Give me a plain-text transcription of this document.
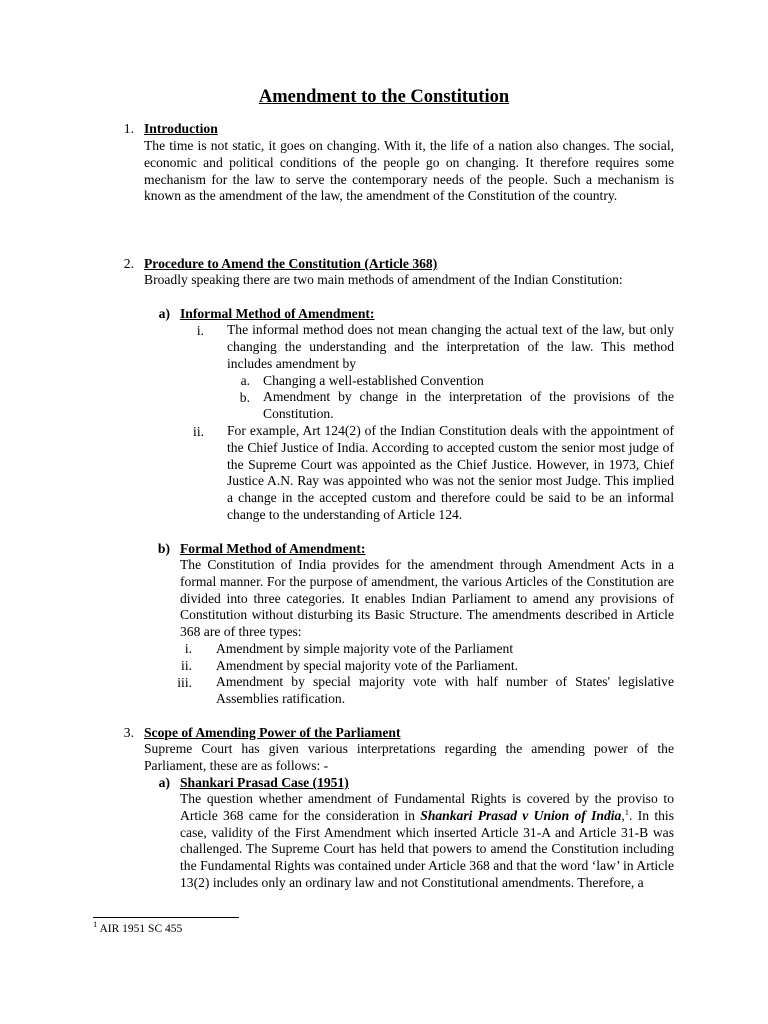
Amendment to the Constitution
1. Introduction
The time is not static, it goes on changing. With it, the life of a nation also changes. The social, economic and political conditions of the people go on changing. It therefore requires some mechanism for the law to serve the contemporary needs of the people. Such a mechanism is known as the amendment of the law, the amendment of the Constitution of the country.
2. Procedure to Amend the Constitution (Article 368)
Broadly speaking there are two main methods of amendment of the Indian Constitution:
a) Informal Method of Amendment:
i. The informal method does not mean changing the actual text of the law, but only changing the understanding and the interpretation of the law. This method includes amendment by
a. Changing a well-established Convention
b. Amendment by change in the interpretation of the provisions of the Constitution.
ii. For example, Art 124(2) of the Indian Constitution deals with the appointment of the Chief Justice of India. According to accepted custom the senior most judge of the Supreme Court was appointed as the Chief Justice. However, in 1973, Chief Justice A.N. Ray was appointed who was not the senior most Judge. This implied a change in the accepted custom and therefore could be said to be an informal change to the understanding of Article 124.
b) Formal Method of Amendment:
The Constitution of India provides for the amendment through Amendment Acts in a formal manner. For the purpose of amendment, the various Articles of the Constitution are divided into three categories. It enables Indian Parliament to amend any provisions of Constitution without disturbing its Basic Structure. The amendments described in Article 368 are of three types:
i. Amendment by simple majority vote of the Parliament
ii. Amendment by special majority vote of the Parliament.
iii. Amendment by special majority vote with half number of States' legislative Assemblies ratification.
3. Scope of Amending Power of the Parliament
Supreme Court has given various interpretations regarding the amending power of the Parliament, these are as follows: -
a) Shankari Prasad Case (1951)
The question whether amendment of Fundamental Rights is covered by the proviso to Article 368 came for the consideration in Shankari Prasad v Union of India,$^1$. In this case, validity of the First Amendment which inserted Article 31-A and Article 31-B was challenged. The Supreme Court has held that powers to amend the Constitution including the Fundamental Rights was contained under Article 368 and that the word ‘law’ in Article 13(2) includes only an ordinary law and not Constitutional amendments. Therefore, a
$^1$ AIR 1951 SC 455
